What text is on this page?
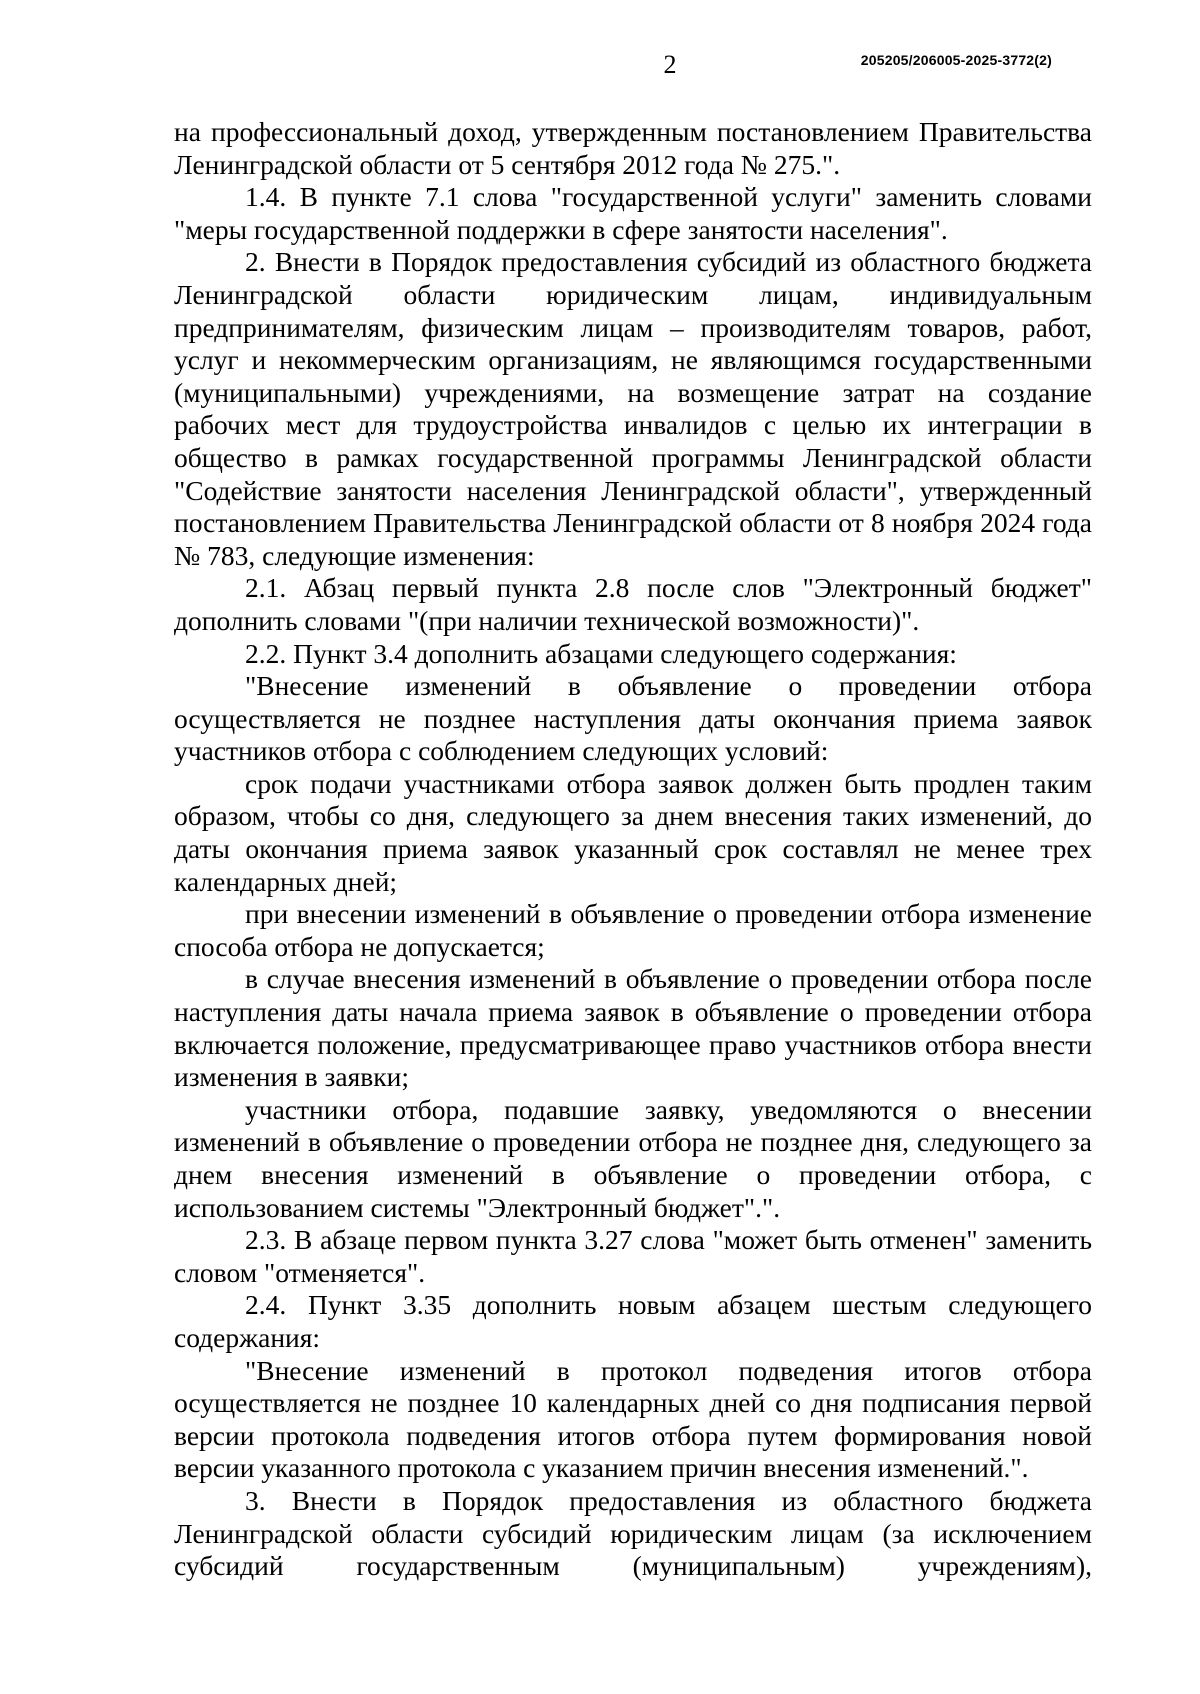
2	205205/206005-2025-3772(2)

на профессиональный доход, утвержденным постановлением Правительства Ленинградской области от 5 сентября 2012 года № 275.".

1.4. В пункте 7.1 слова "государственной услуги" заменить словами "меры государственной поддержки в сфере занятости населения".

2. Внести в Порядок предоставления субсидий из областного бюджета Ленинградской области юридическим лицам, индивидуальным предпринимателям, физическим лицам – производителям товаров, работ, услуг и некоммерческим организациям, не являющимся государственными (муниципальными) учреждениями, на возмещение затрат на создание рабочих мест для трудоустройства инвалидов с целью их интеграции в общество в рамках государственной программы Ленинградской области "Содействие занятости населения Ленинградской области", утвержденный постановлением Правительства Ленинградской области от 8 ноября 2024 года № 783, следующие изменения:

2.1. Абзац первый пункта 2.8 после слов "Электронный бюджет" дополнить словами "(при наличии технической возможности)".

2.2. Пункт 3.4 дополнить абзацами следующего содержания:

"Внесение изменений в объявление о проведении отбора осуществляется не позднее наступления даты окончания приема заявок участников отбора с соблюдением следующих условий:

срок подачи участниками отбора заявок должен быть продлен таким образом, чтобы со дня, следующего за днем внесения таких изменений, до даты окончания приема заявок указанный срок составлял не менее трех календарных дней;

при внесении изменений в объявление о проведении отбора изменение способа отбора не допускается;

в случае внесения изменений в объявление о проведении отбора после наступления даты начала приема заявок в объявление о проведении отбора включается положение, предусматривающее право участников отбора внести изменения в заявки;

участники отбора, подавшие заявку, уведомляются о внесении изменений в объявление о проведении отбора не позднее дня, следующего за днем внесения изменений в объявление о проведении отбора, с использованием системы "Электронный бюджет".".

2.3. В абзаце первом пункта 3.27 слова "может быть отменен" заменить словом "отменяется".

2.4. Пункт 3.35 дополнить новым абзацем шестым следующего содержания:

"Внесение изменений в протокол подведения итогов отбора осуществляется не позднее 10 календарных дней со дня подписания первой версии протокола подведения итогов отбора путем формирования новой версии указанного протокола с указанием причин внесения изменений.".

3. Внести в Порядок предоставления из областного бюджета Ленинградской области субсидий юридическим лицам (за исключением субсидий государственным (муниципальным) учреждениям),
